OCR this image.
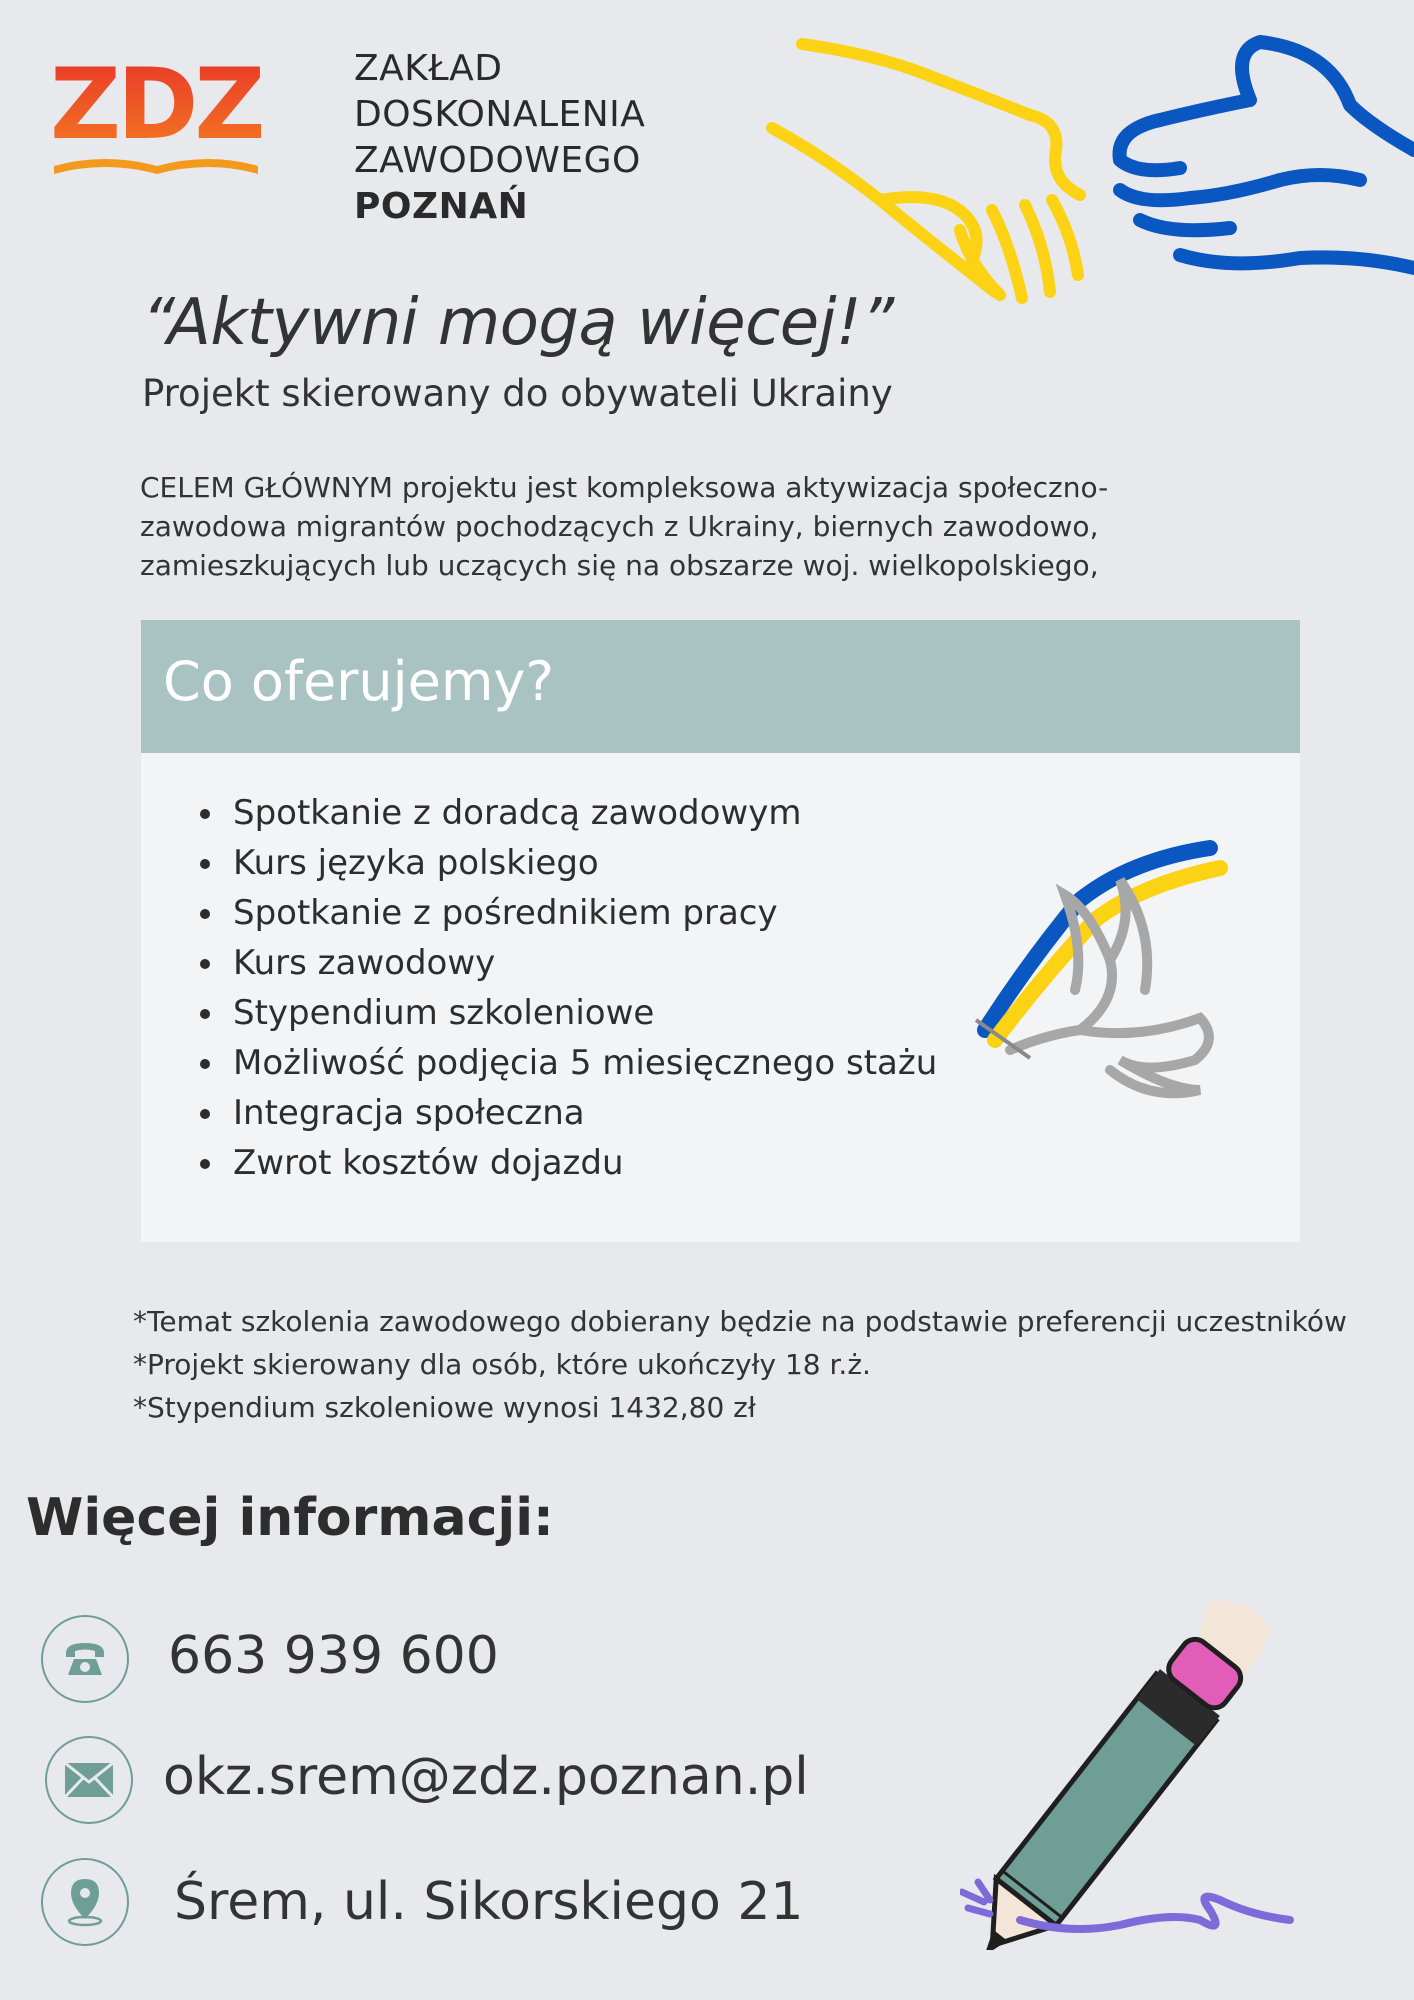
ZDZ	ZAKŁAD
DOSKONALENIA
ZAWODOWEGO
POZNAŃ
“Aktywni mogą więcej!”
Projekt skierowany do obywateli Ukrainy
CELEM GŁÓWNYM projektu jest kompleksowa aktywizacja społeczno-
zawodowa migrantów pochodzących z Ukrainy, biernych zawodowo,
zamieszkujących lub uczących się na obszarze woj. wielkopolskiego,
Co oferujemy?
• Spotkanie z doradcą zawodowym
• Kurs języka polskiego
• Spotkanie z pośrednikiem pracy
• Kurs zawodowy
• Stypendium szkoleniowe
• Możliwość podjęcia 5 miesięcznego stażu
• Integracja społeczna
• Zwrot kosztów dojazdu
*Temat szkolenia zawodowego dobierany będzie na podstawie preferencji uczestników
*Projekt skierowany dla osób, które ukończyły 18 r.ż.
*Stypendium szkoleniowe wynosi 1432,80 zł
Więcej informacji:
663 939 600
okz.srem@zdz.poznan.pl
Śrem, ul. Sikorskiego 21
